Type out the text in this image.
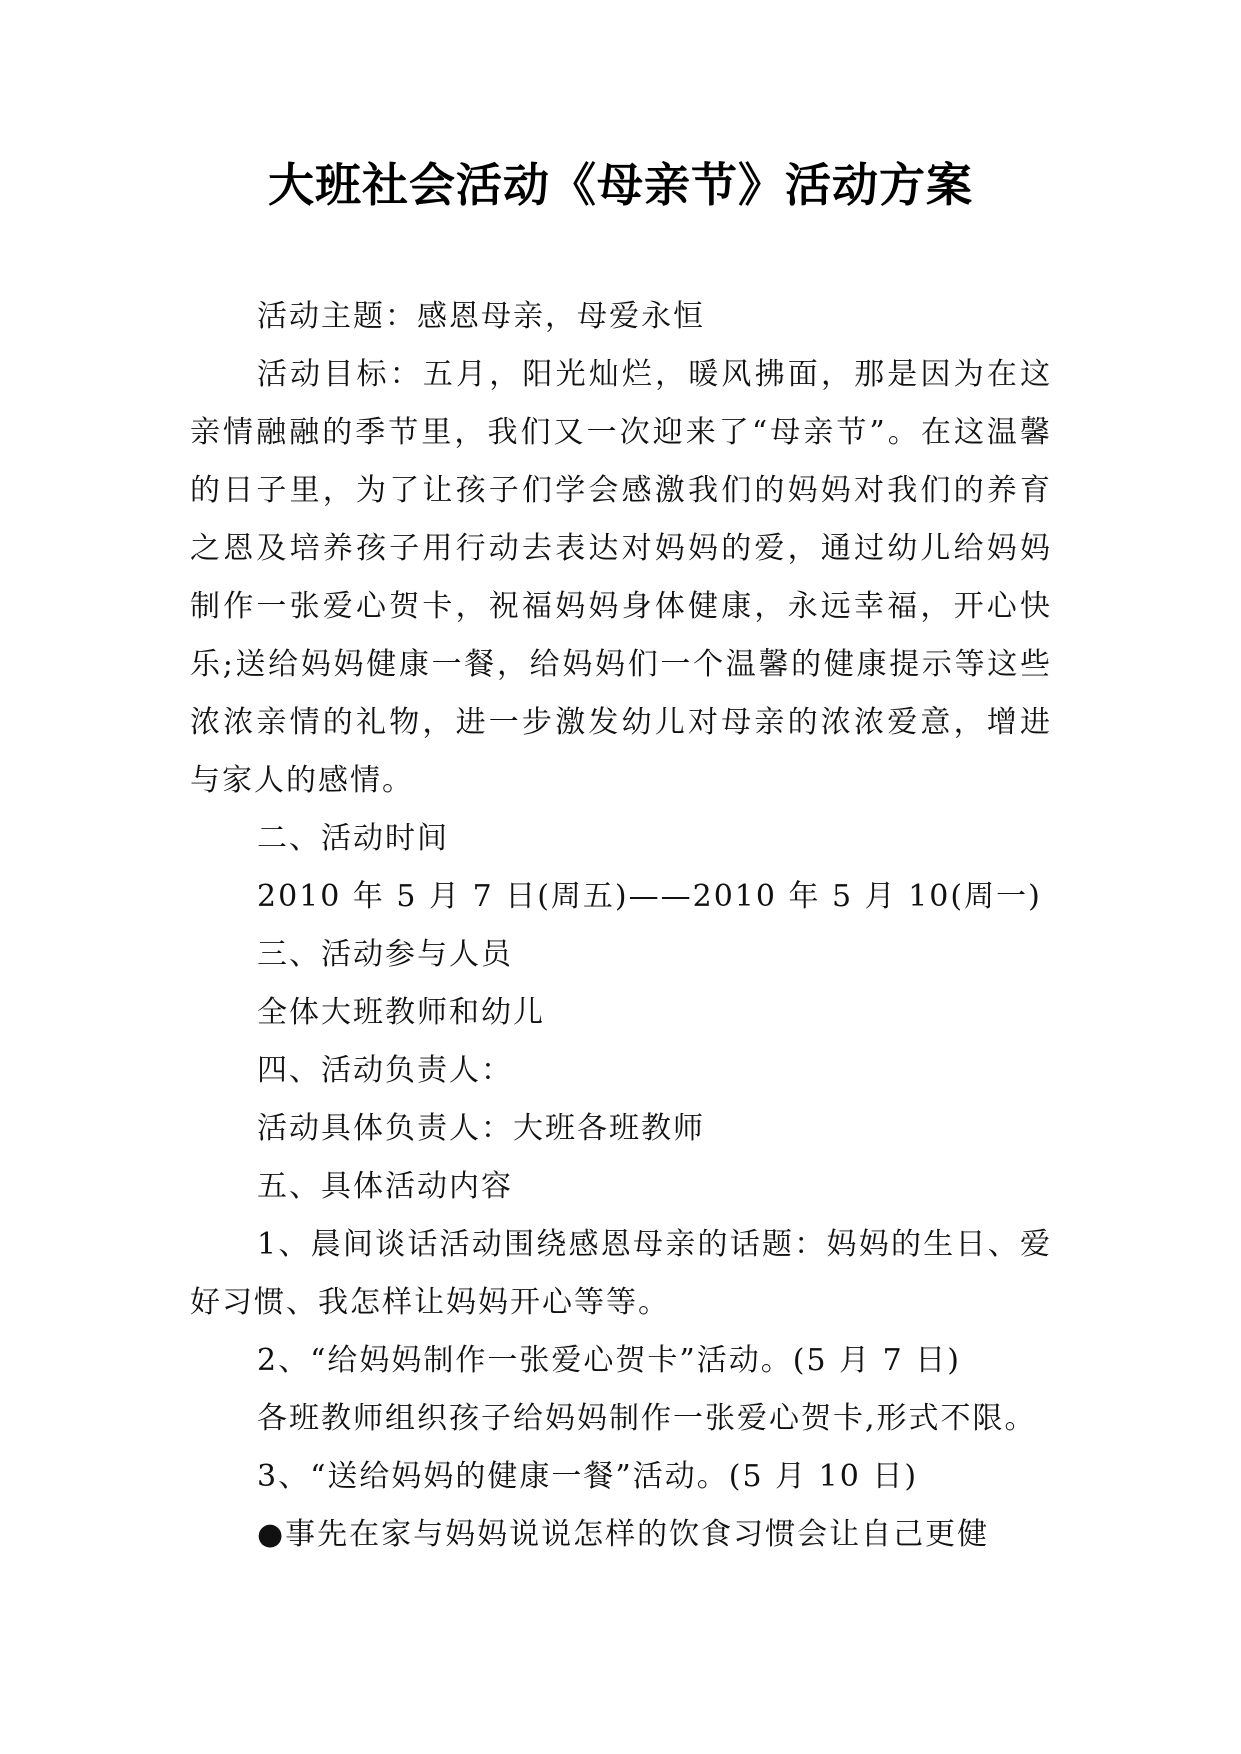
大班社会活动《母亲节》活动方案

活动主题：感恩母亲，母爱永恒

活动目标：五月，阳光灿烂，暖风拂面，那是因为在这亲情融融的季节里，我们又一次迎来了“母亲节”。在这温馨的日子里，为了让孩子们学会感激我们的妈妈对我们的养育之恩及培养孩子用行动去表达对妈妈的爱，通过幼儿给妈妈制作一张爱心贺卡，祝福妈妈身体健康，永远幸福，开心快乐;送给妈妈健康一餐，给妈妈们一个温馨的健康提示等这些浓浓亲情的礼物，进一步激发幼儿对母亲的浓浓爱意，增进与家人的感情。

二、活动时间

2010 年 5 月 7 日(周五)——2010 年 5 月 10(周一)

三、活动参与人员

全体大班教师和幼儿

四、活动负责人：

活动具体负责人：大班各班教师

五、具体活动内容

1、晨间谈话活动围绕感恩母亲的话题：妈妈的生日、爱好习惯、我怎样让妈妈开心等等。

2、“给妈妈制作一张爱心贺卡”活动。(5 月 7 日)

各班教师组织孩子给妈妈制作一张爱心贺卡,形式不限。

3、“送给妈妈的健康一餐”活动。(5 月 10 日)

●事先在家与妈妈说说怎样的饮食习惯会让自己更健
